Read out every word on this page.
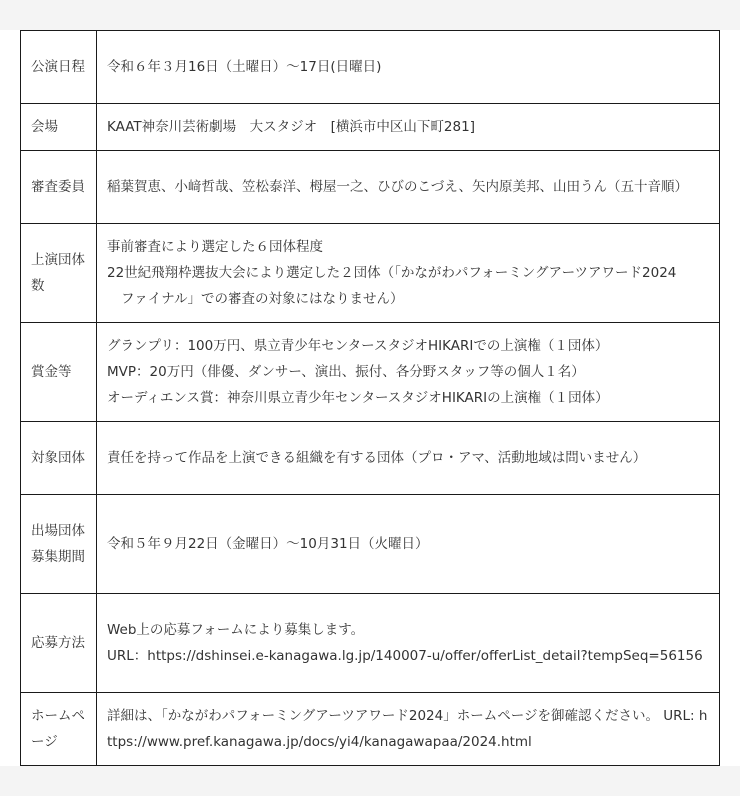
公演日程	令和６年３月16日（土曜日）〜17日(日曜日)

会場	KAAT神奈川芸術劇場　大スタジオ　[横浜市中区山下町281]

審査委員	稲葉賀恵、小﨑哲哉、笠松泰洋、栂屋一之、ひびのこづえ、矢内原美邦、山田うん（五十音順）

上演団体数	事前審査により選定した６団体程度
22世紀飛翔枠選抜大会により選定した２団体（「かながわパフォーミングアーツアワード2024
ファイナル」での審査の対象にはなりません）

賞金等	グランプリ：100万円、県立青少年センタースタジオHIKARIでの上演権（１団体）
MVP：20万円（俳優、ダンサー、演出、振付、各分野スタッフ等の個人１名）
オーディエンス賞：神奈川県立青少年センタースタジオHIKARIの上演権（１団体）

対象団体	責任を持って作品を上演できる組織を有する団体（プロ・アマ、活動地域は問いません）

出場団体募集期間	令和５年９月22日（金曜日）〜10月31日（火曜日）

応募方法	Web上の応募フォームにより募集します。
URL：https://dshinsei.e-kanagawa.lg.jp/140007-u/offer/offerList_detail?tempSeq=56156

ホームページ	詳細は、「かながわパフォーミングアーツアワード2024」ホームページを御確認ください。 URL: https://www.pref.kanagawa.jp/docs/yi4/kanagawapaa/2024.html
